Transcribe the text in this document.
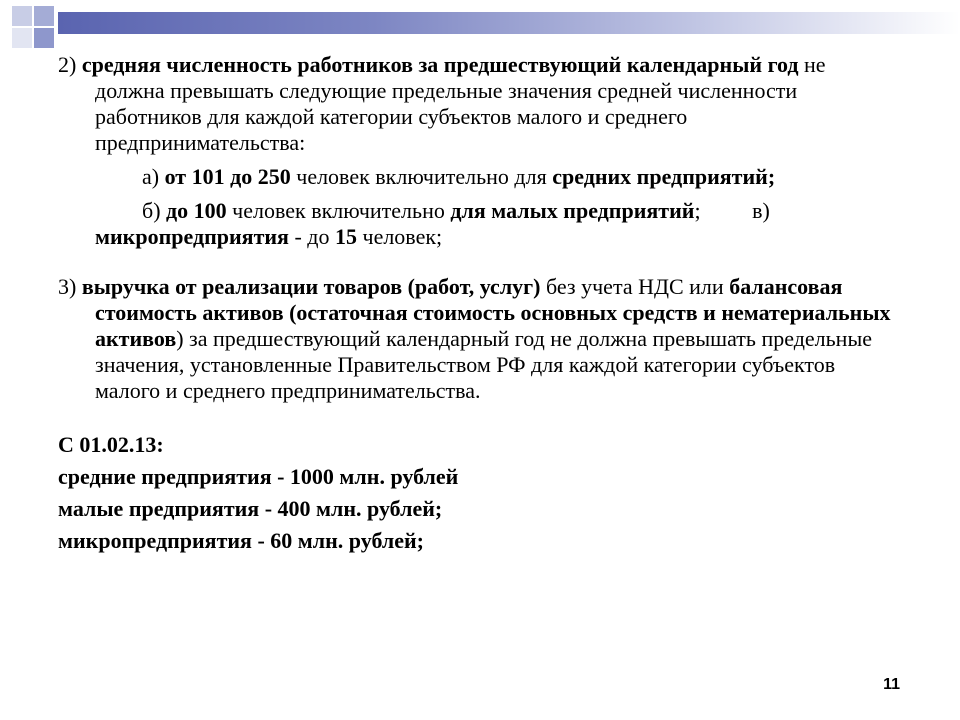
2) средняя численность работников за предшествующий календарный год не должна превышать следующие предельные значения средней численности работников для каждой категории субъектов малого и среднего предпринимательства:

а) от 101 до 250 человек включительно для средних предприятий;

б) до 100 человек включительно для малых предприятий; в) микропредприятия - до 15 человек;

3) выручка от реализации товаров (работ, услуг) без учета НДС или балансовая стоимость активов (остаточная стоимость основных средств и нематериальных активов) за предшествующий календарный год не должна превышать предельные значения, установленные Правительством РФ для каждой категории субъектов малого и среднего предпринимательства.

С 01.02.13:
средние предприятия - 1000 млн. рублей
малые предприятия - 400 млн. рублей;
микропредприятия - 60 млн. рублей;
11
